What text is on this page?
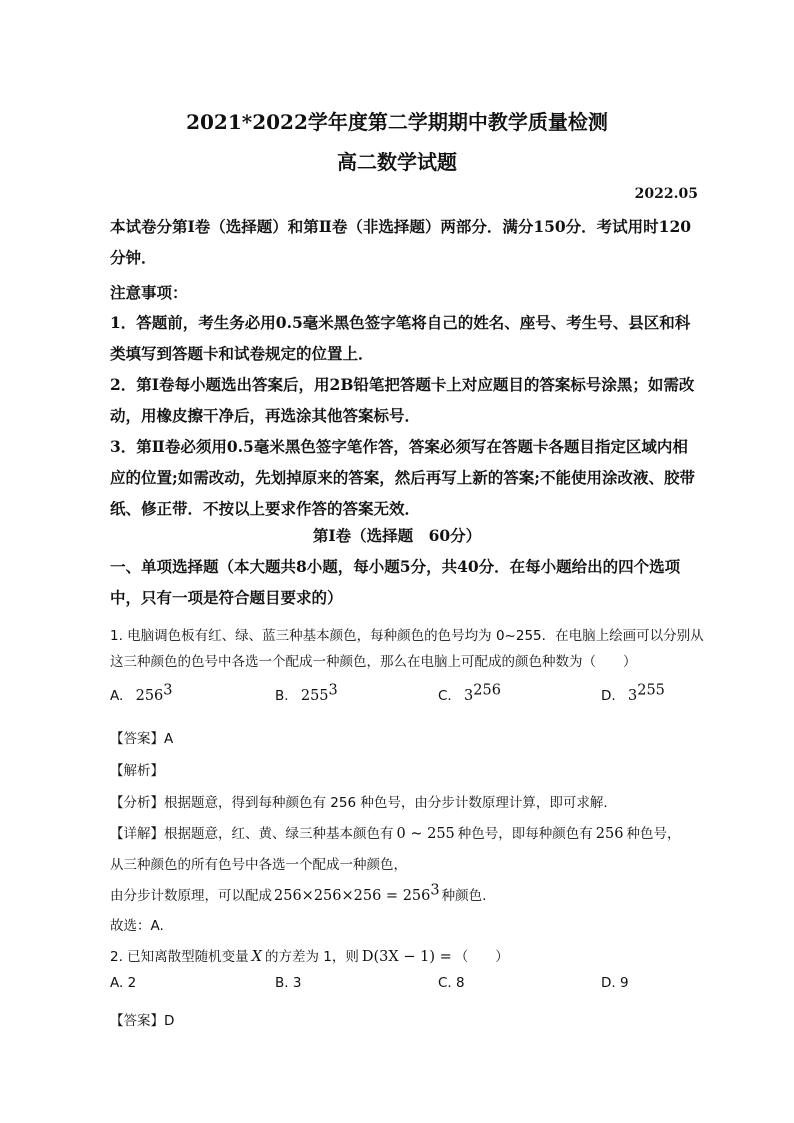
2021*2022学年度第二学期期中教学质量检测
高二数学试题
2022.05
本试卷分第Ⅰ卷（选择题）和第Ⅱ卷（非选择题）两部分．满分150分．考试用时120分钟．
注意事项：
1．答题前，考生务必用0.5毫米黑色签字笔将自己的姓名、座号、考生号、县区和科类填写到答题卡和试卷规定的位置上．
2．第Ⅰ卷每小题选出答案后，用2B铅笔把答题卡上对应题目的答案标号涂黑；如需改动，用橡皮擦干净后，再选涂其他答案标号．
3．第Ⅱ卷必须用0.5毫米黑色签字笔作答，答案必须写在答题卡各题目指定区域内相应的位置;如需改动，先划掉原来的答案，然后再写上新的答案;不能使用涂改液、胶带纸、修正带．不按以上要求作答的答案无效．
第Ⅰ卷（选择题　60分）
一、单项选择题（本大题共8小题，每小题5分，共40分．在每小题给出的四个选项中，只有一项是符合题目要求的）
1. 电脑调色板有红、绿、蓝三种基本颜色，每种颜色的色号均为 0~255．在电脑上绘画可以分别从这三种颜色的色号中各选一个配成一种颜色，那么在电脑上可配成的颜色种数为（　　）
A. $256^3$	B. $255^3$	C. $3^{256}$	D. $3^{255}$
【答案】A
【解析】
【分析】根据题意，得到每种颜色有 256 种色号，由分步计数原理计算，即可求解.
【详解】根据题意，红、黄、绿三种基本颜色有 0 ~ 255 种色号，即每种颜色有 256 种色号，
从三种颜色的所有色号中各选一个配成一种颜色，
由分步计数原理，可以配成 $256\times 256\times 256 = 256^3$ 种颜色.
故选：A.
2. 已知离散型随机变量 X 的方差为 1，则 D(3X − 1) = （　　）
A. 2	B. 3	C. 8	D. 9
【答案】D
